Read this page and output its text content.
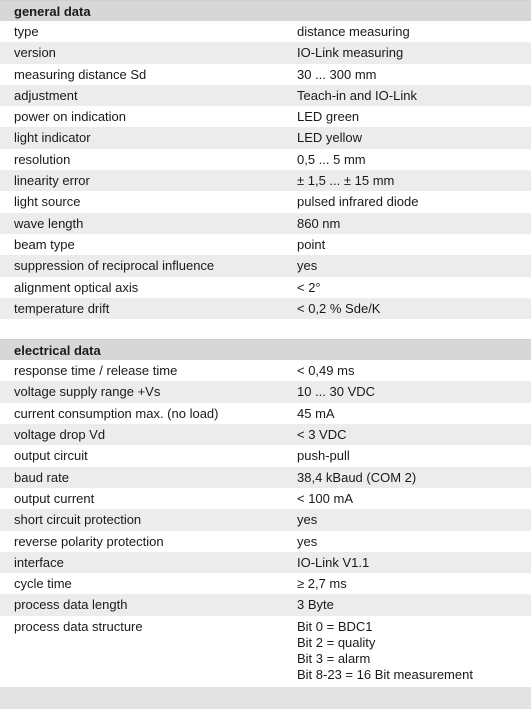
general data
type	distance measuring
version	IO-Link measuring
measuring distance Sd	30 ... 300 mm
adjustment	Teach-in and IO-Link
power on indication	LED green
light indicator	LED yellow
resolution	0,5 ... 5 mm
linearity error	± 1,5 ... ± 15 mm
light source	pulsed infrared diode
wave length	860 nm
beam type	point
suppression of reciprocal influence	yes
alignment optical axis	< 2°
temperature drift	< 0,2 % Sde/K
electrical data
response time / release time	< 0,49 ms
voltage supply range +Vs	10 ... 30 VDC
current consumption max. (no load)	45 mA
voltage drop Vd	< 3 VDC
output circuit	push-pull
baud rate	38,4 kBaud (COM 2)
output current	< 100 mA
short circuit protection	yes
reverse polarity protection	yes
interface	IO-Link V1.1
cycle time	≥ 2,7 ms
process data length	3 Byte
process data structure	Bit 0 = BDC1
Bit 2 = quality
Bit 3 = alarm
Bit 8-23 = 16 Bit measurement
